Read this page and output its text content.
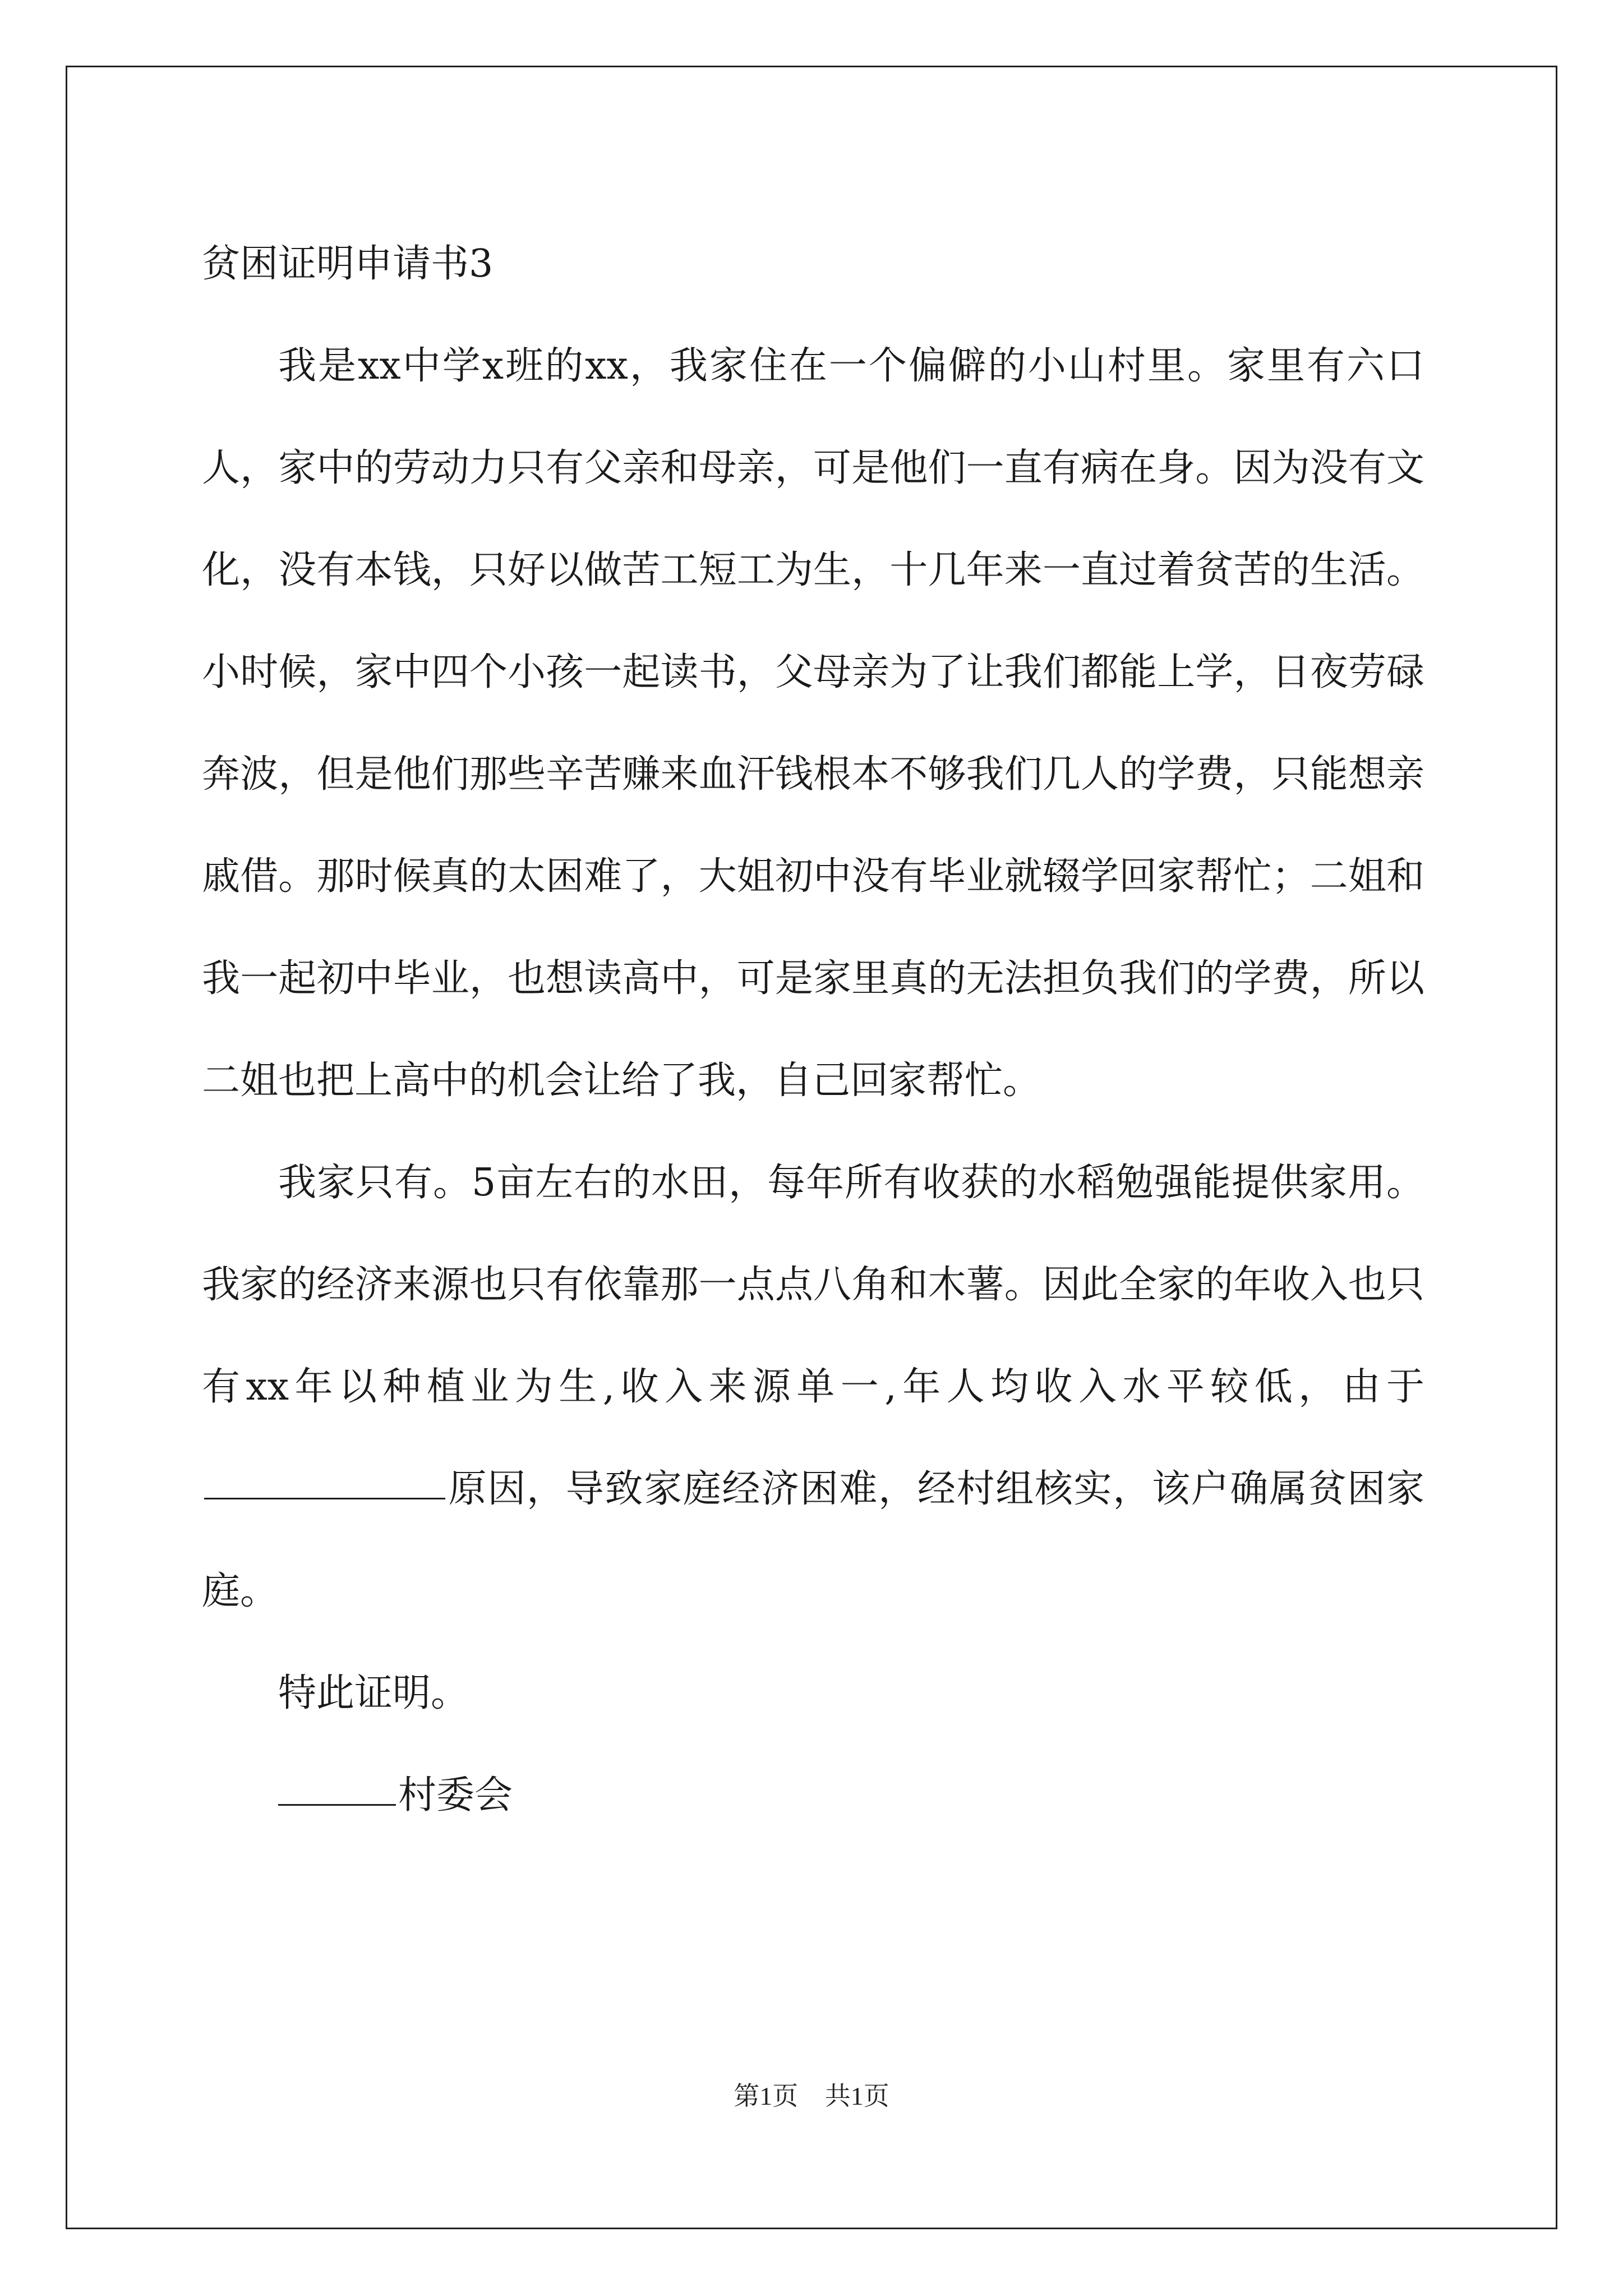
贫困证明申请书3

我是xx中学x班的xx，我家住在一个偏僻的小山村里。家里有六口人，家中的劳动力只有父亲和母亲，可是他们一直有病在身。因为没有文化，没有本钱，只好以做苦工短工为生，十几年来一直过着贫苦的生活。小时候，家中四个小孩一起读书，父母亲为了让我们都能上学，日夜劳碌奔波，但是他们那些辛苦赚来血汗钱根本不够我们几人的学费，只能想亲戚借。那时候真的太困难了，大姐初中没有毕业就辍学回家帮忙；二姐和我一起初中毕业，也想读高中，可是家里真的无法担负我们的学费，所以二姐也把上高中的机会让给了我，自己回家帮忙。

我家只有。5亩左右的水田，每年所有收获的水稻勉强能提供家用。我家的经济来源也只有依靠那一点点八角和木薯。因此全家的年收入也只有xx年以种植业为生,收入来源单一,年人均收入水平较低，由于原因，导致家庭经济困难，经村组核实，该户确属贫困家庭。

特此证明。

村委会

第1页 共1页
